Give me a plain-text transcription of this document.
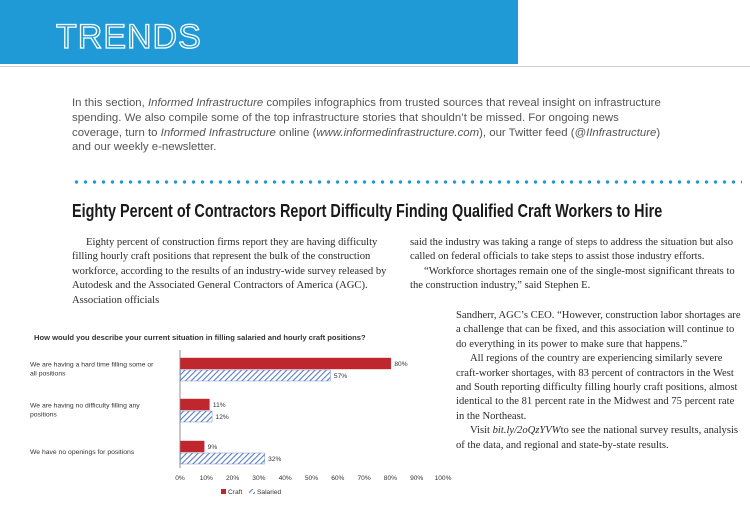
TRENDS
In this section, Informed Infrastructure compiles infographics from trusted sources that reveal insight on infrastructure spending. We also compile some of the top infrastructure stories that shouldn’t be missed. For ongoing news coverage, turn to Informed Infrastructure online (www.informedinfrastructure.com), our Twitter feed (@IInfrastructure) and our weekly e-newsletter.
Eighty Percent of Contractors Report Difficulty Finding Qualified Craft Workers to Hire

Eighty percent of construction firms report they are having difficulty filling hourly craft positions that represent the bulk of the construction workforce, according to the results of an industry-wide survey released by Autodesk and the Associated General Contractors of America (AGC). Association officials

said the industry was taking a range of steps to address the situation but also called on federal officials to take steps to assist those industry efforts.

“Workforce shortages remain one of the single-most significant threats to the construction industry,” said Stephen E.

Sandherr, AGC’s CEO. “However, construction labor shortages are a challenge that can be fixed, and this association will continue to do everything in its power to make sure that happens.”

All regions of the country are experiencing similarly severe craft-worker shortages, with 83 percent of contractors in the West and South reporting difficulty filling hourly craft positions, almost identical to the 81 percent rate in the Midwest and 75 percent rate in the Northeast.

Visit bit.ly/2oQzYVWto see the national survey results, analysis of the data, and regional and state-by-state results.

How would you describe your current situation in filling salaried and hourly craft positions?
0% 10% 20% 30% 40% 50% 60% 70% 80% 90% 100%
We are having a hard time filling some or all positions
We are having no difficulty filling any positions
We have no openings for positions
80%
11%
9%
57%
12%
32%
Craft Salaried
